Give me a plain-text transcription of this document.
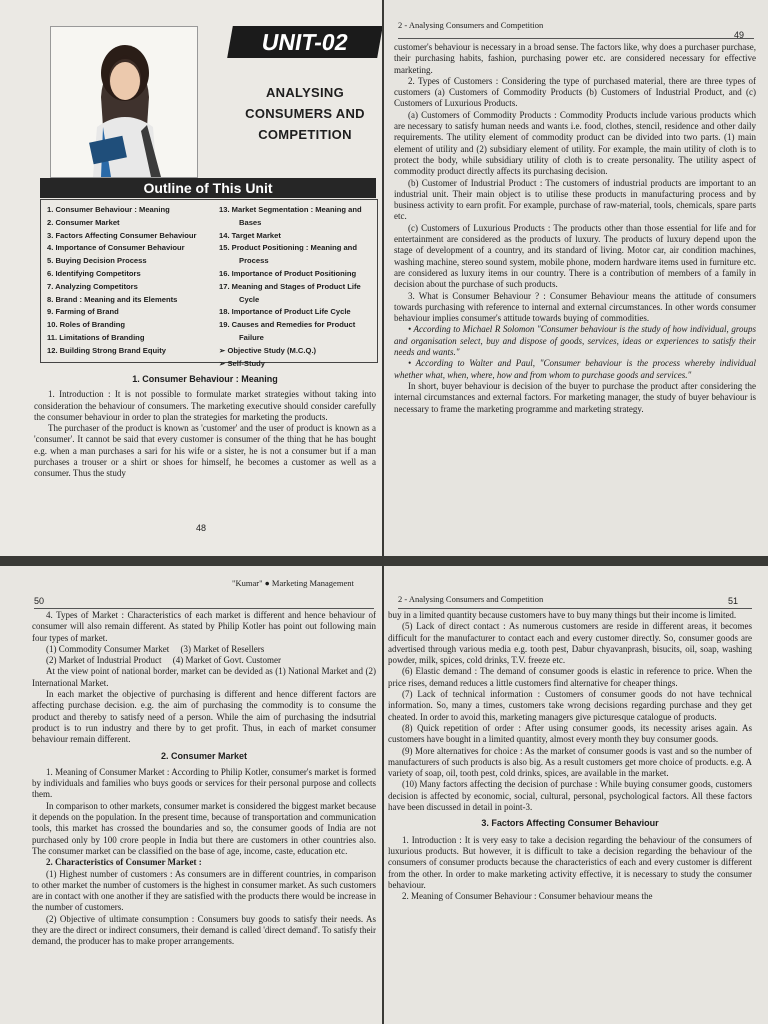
UNIT-02
ANALYSING
CONSUMERS AND
COMPETITION
Outline of This Unit
1. Consumer Behaviour : Meaning
2. Consumer Market
3. Factors Affecting Consumer Behaviour
4. Importance of Consumer Behaviour
5. Buying Decision Process
6. Identifying Competitors
7. Analyzing Competitors
8. Brand : Meaning and its Elements
9. Farming of Brand
10. Roles of Branding
11. Limitations of Branding
12. Building Strong Brand Equity
13. Market Segmentation : Meaning and
Bases
14. Target Market
15. Product Positioning : Meaning and
Process
16. Importance of Product Positioning
17. Meaning and Stages of Product Life
Cycle
18. Importance of Product Life Cycle
19. Causes and Remedies for Product
Failure
➢ Objective Study (M.C.Q.)
➢ Self-Study
1. Consumer Behaviour : Meaning

1. Introduction : It is not possible to formulate market strategies without taking into consideration the behaviour of consumers. The marketing executive should consider carefully the consumer behaviour in order to plan the strategies for marketing the products.

The purchaser of the product is known as 'customer' and the user of product is known as a 'consumer'. It cannot be said that every customer is consumer of the thing that he has bought e.g. when a man purchases a sari for his wife or a sister, he is not a consumer but if a man purchases a trouser or a shirt or shoes for himself, he becomes a customer as well as a consumer. Thus the study

48
2 - Analysing Consumers and Competition
49

customer's behaviour is necessary in a broad sense. The factors like, why does a purchaser purchase, their purchasing habits, fashion, purchasing power etc. are considered necessary for effective marketing.

2. Types of Customers : Considering the type of purchased material, there are three types of customers (a) Customers of Commodity Products (b) Customers of Industrial Product, and (c) Customers of Luxurious Products.

(a) Customers of Commodity Products : Commodity Products include various products which are necessary to satisfy human needs and wants i.e. food, clothes, stencil, residence and other daily requirements. The utility element of commodity product can be divided into two parts. (1) main element of utility and (2) subsidiary element of utility. For example, the main utility of cloth is to protect the body, while subsidiary utility of cloth is to create personality. The utility aspect of commodity product directly affects its purchasing decision.

(b) Customer of Industrial Product : The customers of industrial products are important to an industrial unit. Their main object is to utilise these products in manufacturing process and by business activity to earn profit. For example, purchase of raw-material, tools, chemicals, spare parts etc.

(c) Customers of Luxurious Products : The products other than those essential for life and for entertainment are considered as the products of luxury. The products of luxury depend upon the stage of development of a country, and its standard of living. Motor car, air condition machines, washing machine, stereo sound system, mobile phone, modern hardware items used in furniture etc. are considered as luxury items in our country. There is a contribution of members of a family in decision about the purchase of such products.

3. What is Consumer Behaviour ? : Consumer Behaviour means the attitude of consumers towards purchasing with reference to internal and external circumstances. In other words consumer behaviour implies consumer's attitude towards buying of commodities.

• According to Michael R Solomon "Consumer behaviour is the study of how individual, groups and organisation select, buy and dispose of goods, services, ideas or experiences to satisfy their needs and wants."

• According to Walter and Paul, "Consumer behaviour is the process whereby individual whether what, when, where, how and from whom to purchase goods and services."

In short, buyer behaviour is decision of the buyer to purchase the product after considering the internal circumstances and external factors. For marketing manager, the study of buyer behaviour is necessary to frame the marketing programme and marketing strategy.

"Kumar" ● Marketing Management
50

4. Types of Market : Characteristics of each market is different and hence behaviour of consumer will also remain different. As stated by Philip Kotler has point out following main four types of market.

(1) Commodity Consumer Market     (3) Market of Resellers

(2) Market of Industrial Product     (4) Market of Govt. Customer

At the view point of national border, market can be devided as (1) National Market and (2) International Market.

In each market the objective of purchasing is different and hence different factors are affecting purchase decision. e.g. the aim of purchasing the commodity is to consume the product and thereby to satisfy need of a person. While the aim of purchasing the indsutrial product is to run industry and there by to get profit. Thus, in each of market consumer behaviour remain different.

2. Consumer Market

1. Meaning of Consumer Market : According to Philip Kotler, consumer's market is formed by individuals and families who buys goods or services for their personal purpose and collects them.

In comparison to other markets, consumer market is considered the biggest market because it depends on the population. In the present time, because of transportation and communication tools, this market has crossed the boundaries and so, the consumer goods of India are not purchased only by 100 crore people in India but there are customers in other countries also. The consumer market can be classified on the base of age, income, caste, education etc.

2. Characteristics of Consumer Market :

(1) Highest number of customers : As consumers are in different countries, in comparison to other market the number of customers is the highest in consumer market. As such customers are in contact with one another if they are satisfied with the products there would be increase in the number of customers.

(2) Objective of ultimate consumption : Consumers buy goods to satisfy their needs. As they are the direct or indirect consumers, their demand is called 'direct demand'. To satisfy their demand, the producer has to make proper arrangements.

2 - Analysing Consumers and Competition	51

buy in a limited quantity because customers have to buy many things but their income is limited.

(5) Lack of direct contact : As numerous customers are reside in different areas, it becomes difficult for the manufacturer to contact each and every customer directly. So, consumer goods are advertised through various media e.g. tooth pest, Dabur chyavanprash, bisucits, oil, soap, washing powder, milk, spices, cold drinks, T.V. freeze etc.

(6) Elastic demand : The demand of consumer goods is elastic in reference to price. When the price rises, demand reduces a little customers find alternative for cheaper things.

(7) Lack of technical information : Customers of consumer goods do not have technical information. So, many a times, customers take wrong decisions regarding purchase and they get cheated. In order to avoid this, marketing managers give picturesque catalogue of products.

(8) Quick repetition of order : After using consumer goods, its necessity arises again. As customers have bought in a limited quantity, almost every month they buy consumer goods.

(9) More alternatives for choice : As the market of consumer goods is vast and so the number of manufacturers of such products is also big. As a result customers get more choice of products. e.g. A variety of soap, oil, tooth pest, cold drinks, spices, are available in the market.

(10) Many factors affecting the decision of purchase : While buying consumer goods, customers decision is affected by economic, social, cultural, personal, psychological factors. All these factors have been discussed in detail in point-3.

3. Factors Affecting Consumer Behaviour

1. Introduction : It is very easy to take a decision regarding the behaviour of the consumers of luxurious products. But however, it is difficult to take a decision regarding the behaviour of the consumers of consumer products because the characteristics of each and every customer is different from the other. In order to make marketing activity effective, it is necessary to study the consumer behaviour.

2. Meaning of Consumer Behaviour : Consumer behaviour means the
